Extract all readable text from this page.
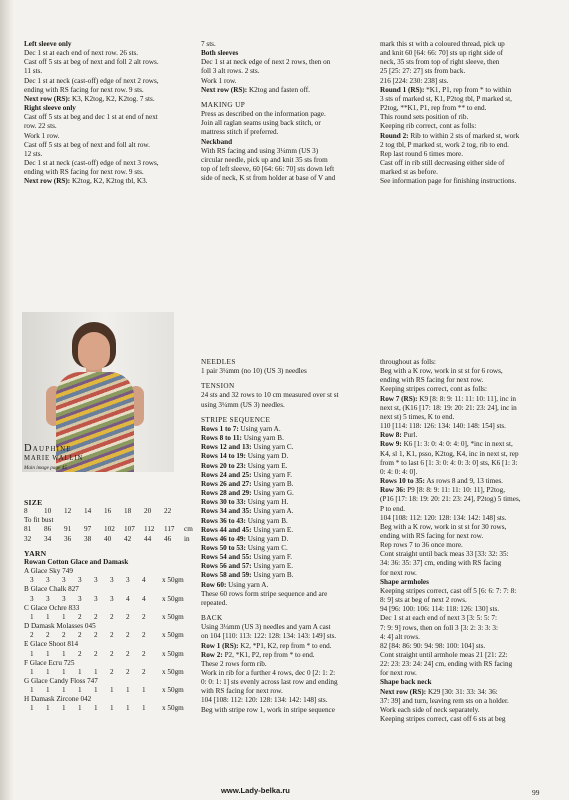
Left sleeve only

Dec 1 st at each end of next row. 26 sts.

Cast off 5 sts at beg of next and foll 2 alt rows.

11 sts.

Dec 1 st at neck (cast-off) edge of next 2 rows,

ending with RS facing for next row. 9 sts.

Next row (RS): K3, K2tog, K2, K2tog. 7 sts.

Right sleeve only

Cast off 5 sts at beg and dec 1 st at end of next

row. 22 sts.

Work 1 row.

Cast off 5 sts at beg of next and foll alt row.

12 sts.

Dec 1 st at neck (cast-off) edge of next 3 rows,

ending with RS facing for next row. 9 sts.

Next row (RS): K2tog, K2, K2tog tbl, K3.

7 sts.

Both sleeves

Dec 1 st at neck edge of next 2 rows, then on

foll 3 alt rows. 2 sts.

Work 1 row.

Next row (RS): K2tog and fasten off.

MAKING UP

Press as described on the information page.

Join all raglan seams using back stitch, or

mattress stitch if preferred.

Neckband

With RS facing and using 3¼mm (US 3)

circular needle, pick up and knit 35 sts from

top of left sleeve, 60 [64: 66: 70] sts down left

side of neck, K st from holder at base of V and

mark this st with a coloured thread, pick up

and knit 60 [64: 66: 70] sts up right side of

neck, 35 sts from top of right sleeve, then

25 [25: 27: 27] sts from back.

216 [224: 230: 238] sts.

Round 1 (RS): *K1, P1, rep from * to within

3 sts of marked st, K1, P2tog tbl, P marked st,

P2tog, **K1, P1, rep from ** to end.

This round sets position of rib.

Keeping rib correct, cont as folls:

Round 2: Rib to within 2 sts of marked st, work

2 tog tbl, P marked st, work 2 tog, rib to end.

Rep last round 6 times more.

Cast off in rib still decreasing either side of

marked st as before.

See information page for finishing instructions.

Dauphine
MARIE WALLIN
Main image page 45

SIZE

8	10	12	14	16	18	20	22	
To fit bust								
81	86	91	97	102	107	112	117	cm
32	34	36	38	40	42	44	46	in

YARN

Rowan Cotton Glace and Damask

A Glace Sky 749								
3	3	3	3	3	3	3	4	x 50gm
B Glace Chalk 827								
3	3	3	3	3	3	4	4	x 50gm
C Glace Ochre 833								
1	1	1	2	2	2	2	2	x 50gm
D Damask Molasses 045								
2	2	2	2	2	2	2	2	x 50gm
E Glace Shoot 814								
1	1	1	2	2	2	2	2	x 50gm
F Glace Ecru 725								
1	1	1	1	1	2	2	2	x 50gm
G Glace Candy Floss 747								
1	1	1	1	1	1	1	1	x 50gm
H Damask Zircone 042								
1	1	1	1	1	1	1	1	x 50gm

NEEDLES

1 pair 3¼mm (no 10) (US 3) needles

TENSION

24 sts and 32 rows to 10 cm measured over st st

using 3¼mm (US 3) needles.

STRIPE SEQUENCE

Rows 1 to 7: Using yarn A.

Rows 8 to 11: Using yarn B.

Rows 12 and 13: Using yarn C.

Rows 14 to 19: Using yarn D.

Rows 20 to 23: Using yarn E.

Rows 24 and 25: Using yarn F.

Rows 26 and 27: Using yarn B.

Rows 28 and 29: Using yarn G.

Rows 30 to 33: Using yarn H.

Rows 34 and 35: Using yarn A.

Rows 36 to 43: Using yarn B.

Rows 44 and 45: Using yarn E.

Rows 46 to 49: Using yarn D.

Rows 50 to 53: Using yarn C.

Rows 54 and 55: Using yarn F.

Rows 56 and 57: Using yarn E.

Rows 58 and 59: Using yarn B.

Row 60: Using yarn A.

These 60 rows form stripe sequence and are

repeated.

BACK

Using 3¼mm (US 3) needles and yarn A cast

on 104 [110: 113: 122: 128: 134: 143: 149] sts.

Row 1 (RS): K2, *P1, K2, rep from * to end.

Row 2: P2, *K1, P2, rep from * to end.

These 2 rows form rib.

Work in rib for a further 4 rows, dec 0 [2: 1: 2:

0: 0: 1: 1] sts evenly across last row and ending

with RS facing for next row.

104 [108: 112: 120: 128: 134: 142: 148] sts.

Beg with stripe row 1, work in stripe sequence

throughout as folls:

Beg with a K row, work in st st for 6 rows,

ending with RS facing for next row.

Keeping stripes correct, cont as folls:

Row 7 (RS): K9 [8: 8: 9: 11: 11: 10: 11], inc in

next st, (K16 [17: 18: 19: 20: 21: 23: 24], inc in

next st) 5 times, K to end.

110 [114: 118: 126: 134: 140: 148: 154] sts.

Row 8: Purl.

Row 9: K6 [1: 3: 0: 4: 0: 4: 0], *inc in next st,

K4, sl 1, K1, psso, K2tog, K4, inc in next st, rep

from * to last 6 [1: 3: 0: 4: 0: 3: 0] sts, K6 [1: 3:

0: 4: 0: 4: 0].

Rows 10 to 35: As rows 8 and 9, 13 times.

Row 36: P9 [8: 8: 9: 11: 11: 10: 11], P2tog,

(P16 [17: 18: 19: 20: 21: 23: 24], P2tog) 5 times,

P to end.

104 [108: 112: 120: 128: 134: 142: 148] sts.

Beg with a K row, work in st st for 30 rows,

ending with RS facing for next row.

Rep rows 7 to 36 once more.

Cont straight until back meas 33 [33: 32: 35:

34: 36: 35: 37] cm, ending with RS facing

for next row.

Shape armholes

Keeping stripes correct, cast off 5 [6: 6: 7: 7: 8:

8: 9] sts at beg of next 2 rows.

94 [96: 100: 106: 114: 118: 126: 130] sts.

Dec 1 st at each end of next 3 [3: 5: 5: 7:

7: 9: 9] rows, then on foll 3 [3: 2: 3: 3: 3:

4: 4] alt rows.

82 [84: 86: 90: 94: 98: 100: 104] sts.

Cont straight until armhole meas 21 [21: 22:

22: 23: 23: 24: 24] cm, ending with RS facing

for next row.

Shape back neck

Next row (RS): K29 [30: 31: 33: 34: 36:

37: 39] and turn, leaving rem sts on a holder.

Work each side of neck separately.

Keeping stripes correct, cast off 6 sts at beg

www.Lady-belka.ru	99
